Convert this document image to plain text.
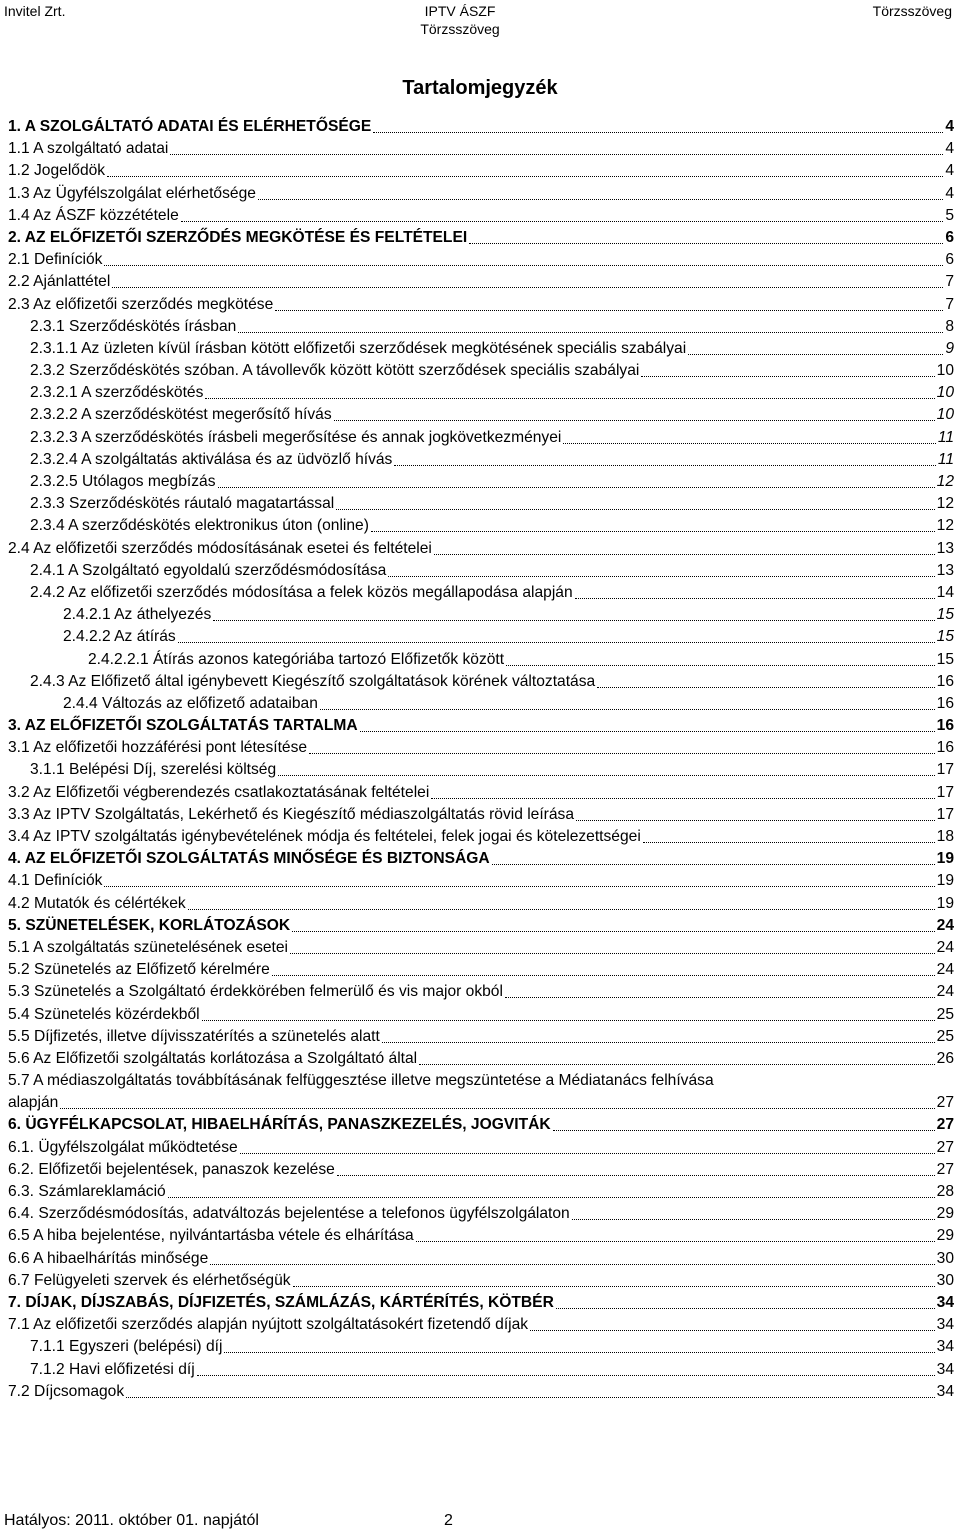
Invitel Zrt.	IPTV ÁSZF
Törzsszöveg
Törzsszöveg
Tartalomjegyzék
1. A SZOLGÁLTATÓ ADATAI ÉS ELÉRHETŐSÉGE	4
1.1 A szolgáltató adatai	4
1.2 Jogelődök	4
1.3 Az Ügyfélszolgálat elérhetősége	4
1.4 Az ÁSZF közzététele	5
2. AZ ELŐFIZETŐI SZERZŐDÉS MEGKÖTÉSE ÉS FELTÉTELEI	6
2.1 Definíciók	6
2.2 Ajánlattétel	7
2.3 Az előfizetői szerződés megkötése	7
2.3.1 Szerződéskötés írásban	8
2.3.1.1 Az üzleten kívül írásban kötött előfizetői szerződések megkötésének speciális szabályai	9
2.3.2 Szerződéskötés szóban. A távollevők között kötött szerződések speciális szabályai	10
2.3.2.1 A szerződéskötés	10
2.3.2.2 A szerződéskötést megerősítő hívás	10
2.3.2.3 A szerződéskötés írásbeli megerősítése és annak jogkövetkezményei	11
2.3.2.4 A szolgáltatás aktiválása és az üdvözlő hívás	11
2.3.2.5 Utólagos megbízás	12
2.3.3 Szerződéskötés ráutaló magatartással	12
2.3.4 A szerződéskötés elektronikus úton (online)	12
2.4 Az előfizetői szerződés módosításának esetei és feltételei	13
2.4.1 A Szolgáltató egyoldalú szerződésmódosítása	13
2.4.2 Az előfizetői szerződés módosítása a felek közös megállapodása alapján	14
2.4.2.1 Az áthelyezés	15
2.4.2.2 Az átírás	15
2.4.2.2.1 Átírás azonos kategóriába tartozó Előfizetők között	15
2.4.3 Az Előfizető által igénybevett Kiegészítő szolgáltatások körének változtatása	16
2.4.4 Változás az előfizető adataiban	16
3. AZ ELŐFIZETŐI SZOLGÁLTATÁS TARTALMA	16
3.1 Az előfizetői hozzáférési pont létesítése	16
3.1.1 Belépési Díj, szerelési költség	17
3.2 Az Előfizetői végberendezés csatlakoztatásának feltételei	17
3.3 Az IPTV Szolgáltatás, Lekérhető és Kiegészítő médiaszolgáltatás rövid leírása	17
3.4 Az IPTV szolgáltatás igénybevételének módja és feltételei, felek jogai és kötelezettségei	18
4. AZ ELŐFIZETŐI SZOLGÁLTATÁS MINŐSÉGE ÉS BIZTONSÁGA	19
4.1 Definíciók	19
4.2 Mutatók és célértékek	19
5. SZÜNETELÉSEK, KORLÁTOZÁSOK	24
5.1 A szolgáltatás szünetelésének esetei	24
5.2 Szünetelés az Előfizető kérelmére	24
5.3 Szünetelés a Szolgáltató érdekkörében felmerülő és vis major okból	24
5.4 Szünetelés közérdekből	25
5.5 Díjfizetés, illetve díjvisszatérítés a szünetelés alatt	25
5.6 Az Előfizetői szolgáltatás korlátozása a Szolgáltató által	26
5.7 A médiaszolgáltatás továbbításának felfüggesztése illetve megszüntetése a Médiatanács felhívása
alapján	27
6. ÜGYFÉLKAPCSOLAT, HIBAELHÁRÍTÁS, PANASZKEZELÉS, JOGVITÁK	27
6.1. Ügyfélszolgálat működtetése	27
6.2. Előfizetői bejelentések, panaszok kezelése	27
6.3. Számlareklamáció	28
6.4. Szerződésmódosítás, adatváltozás bejelentése a telefonos ügyfélszolgálaton	29
6.5 A hiba bejelentése, nyilvántartásba vétele és elhárítása	29
6.6 A hibaelhárítás minősége	30
6.7 Felügyeleti szervek és elérhetőségük	30
7. DÍJAK, DÍJSZABÁS, DÍJFIZETÉS, SZÁMLÁZÁS, KÁRTÉRÍTÉS, KÖTBÉR	34
7.1 Az előfizetői szerződés alapján nyújtott szolgáltatásokért fizetendő díjak	34
7.1.1 Egyszeri (belépési) díj	34
7.1.2 Havi előfizetési díj	34
7.2 Díjcsomagok	34
Hatályos: 2011. október 01. napjától	2
